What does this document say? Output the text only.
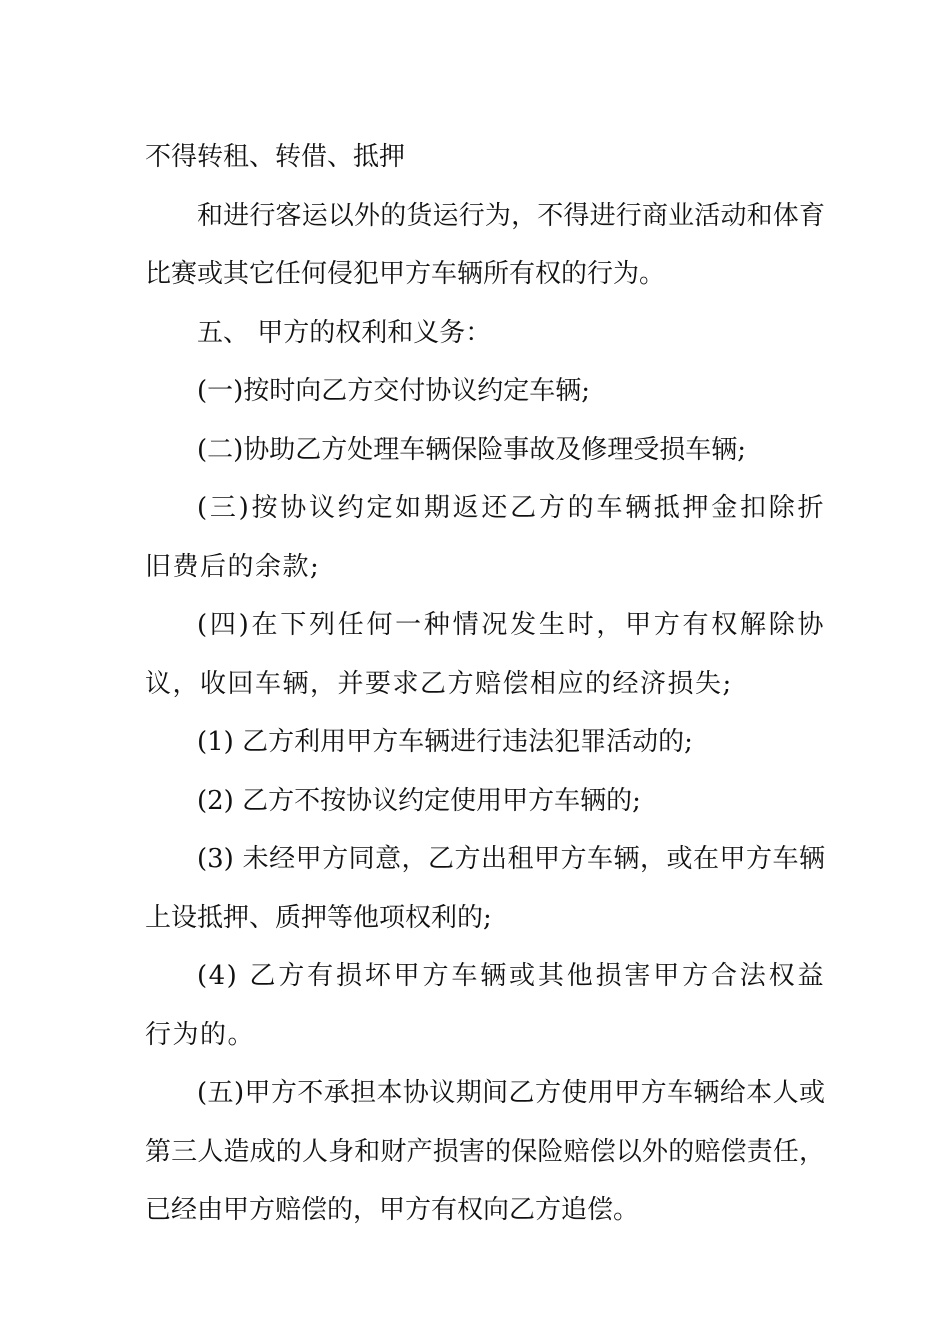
不得转租、转借、抵押

和进行客运以外的货运行为，不得进行商业活动和体育比赛或其它任何侵犯甲方车辆所有权的行为。

五、 甲方的权利和义务：

(一)按时向乙方交付协议约定车辆;

(二)协助乙方处理车辆保险事故及修理受损车辆;

(三)按协议约定如期返还乙方的车辆抵押金扣除折旧费后的余款;

(四)在下列任何一种情况发生时，甲方有权解除协议，收回车辆，并要求乙方赔偿相应的经济损失;

(1) 乙方利用甲方车辆进行违法犯罪活动的;

(2) 乙方不按协议约定使用甲方车辆的;

(3) 未经甲方同意，乙方出租甲方车辆，或在甲方车辆上设抵押、质押等他项权利的;

(4) 乙方有损坏甲方车辆或其他损害甲方合法权益行为的。

(五)甲方不承担本协议期间乙方使用甲方车辆给本人或第三人造成的人身和财产损害的保险赔偿以外的赔偿责任，已经由甲方赔偿的，甲方有权向乙方追偿。
